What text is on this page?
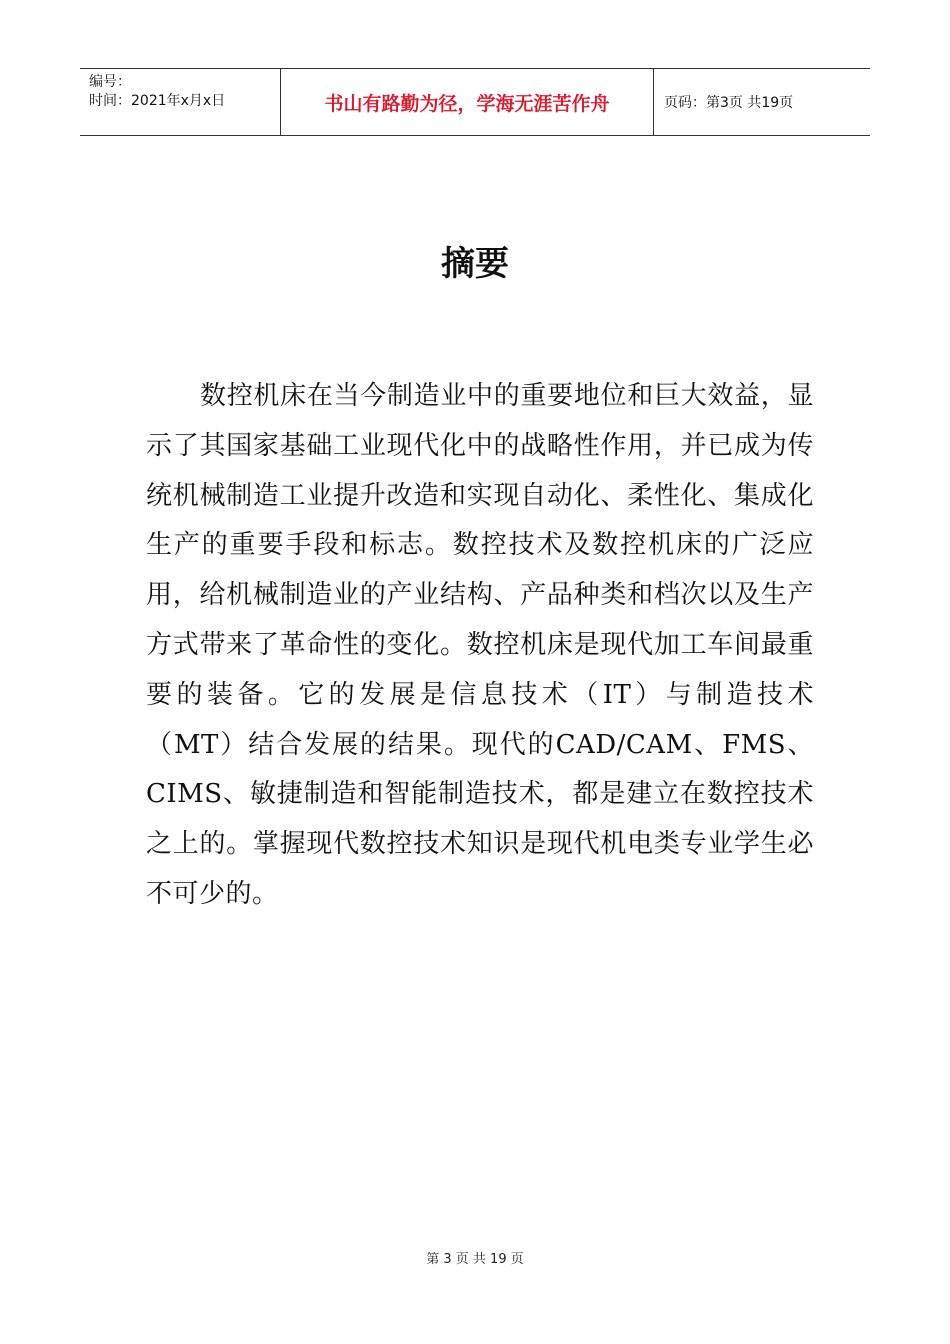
编号：
时间：2021年x月x日	书山有路勤为径，学海无涯苦作舟	页码：第3页 共19页
摘要
数控机床在当今制造业中的重要地位和巨大效益，显示了其国家基础工业现代化中的战略性作用，并已成为传统机械制造工业提升改造和实现自动化、柔性化、集成化生产的重要手段和标志。数控技术及数控机床的广泛应用，给机械制造业的产业结构、产品种类和档次以及生产方式带来了革命性的变化。数控机床是现代加工车间最重要的装备。它的发展是信息技术（IT）与制造技术（MT）结合发展的结果。现代的CAD/CAM、FMS、CIMS、敏捷制造和智能制造技术，都是建立在数控技术之上的。掌握现代数控技术知识是现代机电类专业学生必不可少的。
第 3 页 共 19 页
